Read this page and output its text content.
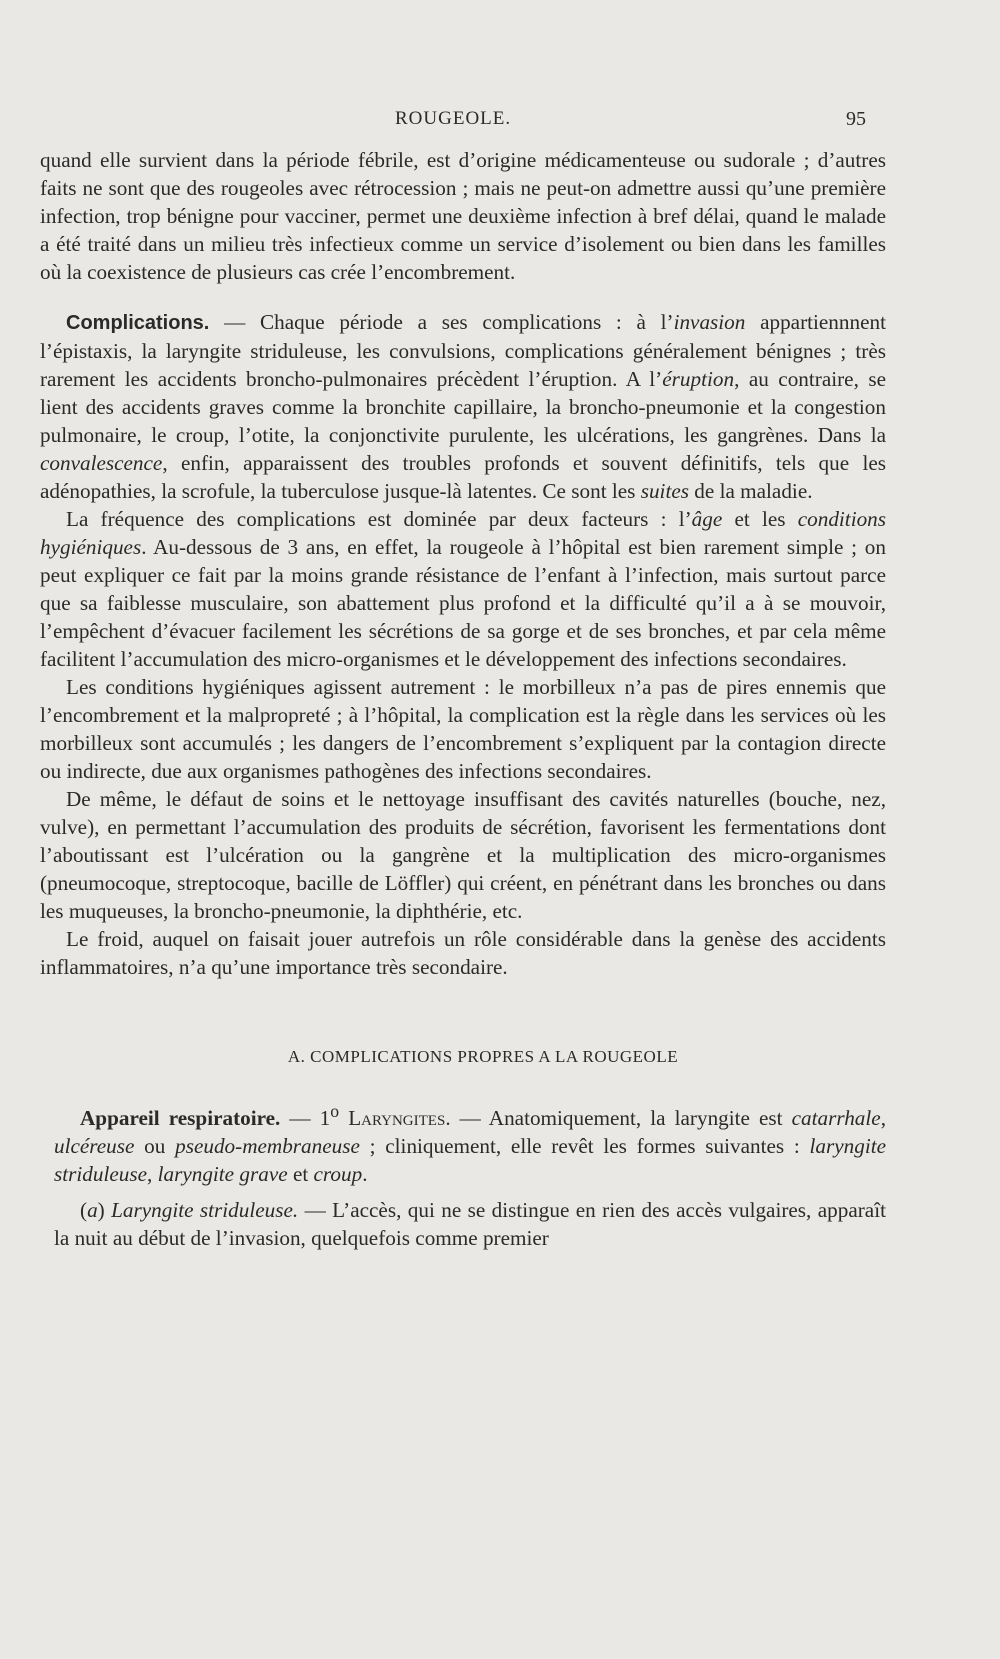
ROUGEOLE.	95

quand elle survient dans la période fébrile, est d’origine médicamenteuse ou sudorale ; d’autres faits ne sont que des rougeoles avec rétrocession ; mais ne peut-on admettre aussi qu’une première infection, trop bénigne pour vacciner, permet une deuxième infection à bref délai, quand le malade a été traité dans un milieu très infectieux comme un service d’isolement ou bien dans les familles où la coexistence de plusieurs cas crée l’encombrement.

Complications. — Chaque période a ses complications : à l’invasion appartiennnent l’épistaxis, la laryngite striduleuse, les convulsions, complications généralement bénignes ; très rarement les accidents broncho-pulmonaires précèdent l’éruption. A l’éruption, au contraire, se lient des accidents graves comme la bronchite capillaire, la broncho-pneumonie et la congestion pulmonaire, le croup, l’otite, la conjonctivite purulente, les ulcérations, les gangrènes. Dans la convalescence, enfin, apparaissent des troubles profonds et souvent définitifs, tels que les adénopathies, la scrofule, la tuberculose jusque-là latentes. Ce sont les suites de la maladie.

La fréquence des complications est dominée par deux facteurs : l’âge et les conditions hygiéniques. Au-dessous de 3 ans, en effet, la rougeole à l’hôpital est bien rarement simple ; on peut expliquer ce fait par la moins grande résistance de l’enfant à l’infection, mais surtout parce que sa faiblesse musculaire, son abattement plus profond et la difficulté qu’il a à se mouvoir, l’empêchent d’évacuer facilement les sécrétions de sa gorge et de ses bronches, et par cela même facilitent l’accumulation des micro-organismes et le développement des infections secondaires.

Les conditions hygiéniques agissent autrement : le morbilleux n’a pas de pires ennemis que l’encombrement et la malpropreté ; à l’hôpital, la complication est la règle dans les services où les morbilleux sont accumulés ; les dangers de l’encombrement s’expliquent par la contagion directe ou indirecte, due aux organismes pathogènes des infections secondaires.

De même, le défaut de soins et le nettoyage insuffisant des cavités naturelles (bouche, nez, vulve), en permettant l’accumulation des produits de sécrétion, favorisent les fermentations dont l’aboutissant est l’ulcération ou la gangrène et la multiplication des micro-organismes (pneumocoque, streptocoque, bacille de Löffler) qui créent, en pénétrant dans les bronches ou dans les muqueuses, la broncho-pneumonie, la diphthérie, etc.

Le froid, auquel on faisait jouer autrefois un rôle considérable dans la genèse des accidents inflammatoires, n’a qu’une importance très secondaire.

A. COMPLICATIONS PROPRES A LA ROUGEOLE

Appareil respiratoire. — 1$^o$ Laryngites. — Anatomiquement, la laryngite est catarrhale, ulcéreuse ou pseudo-membraneuse ; cliniquement, elle revêt les formes suivantes : laryngite striduleuse, laryngite grave et croup.

(a) Laryngite striduleuse. — L’accès, qui ne se distingue en rien des accès vulgaires, apparaît la nuit au début de l’invasion, quelquefois comme premier
